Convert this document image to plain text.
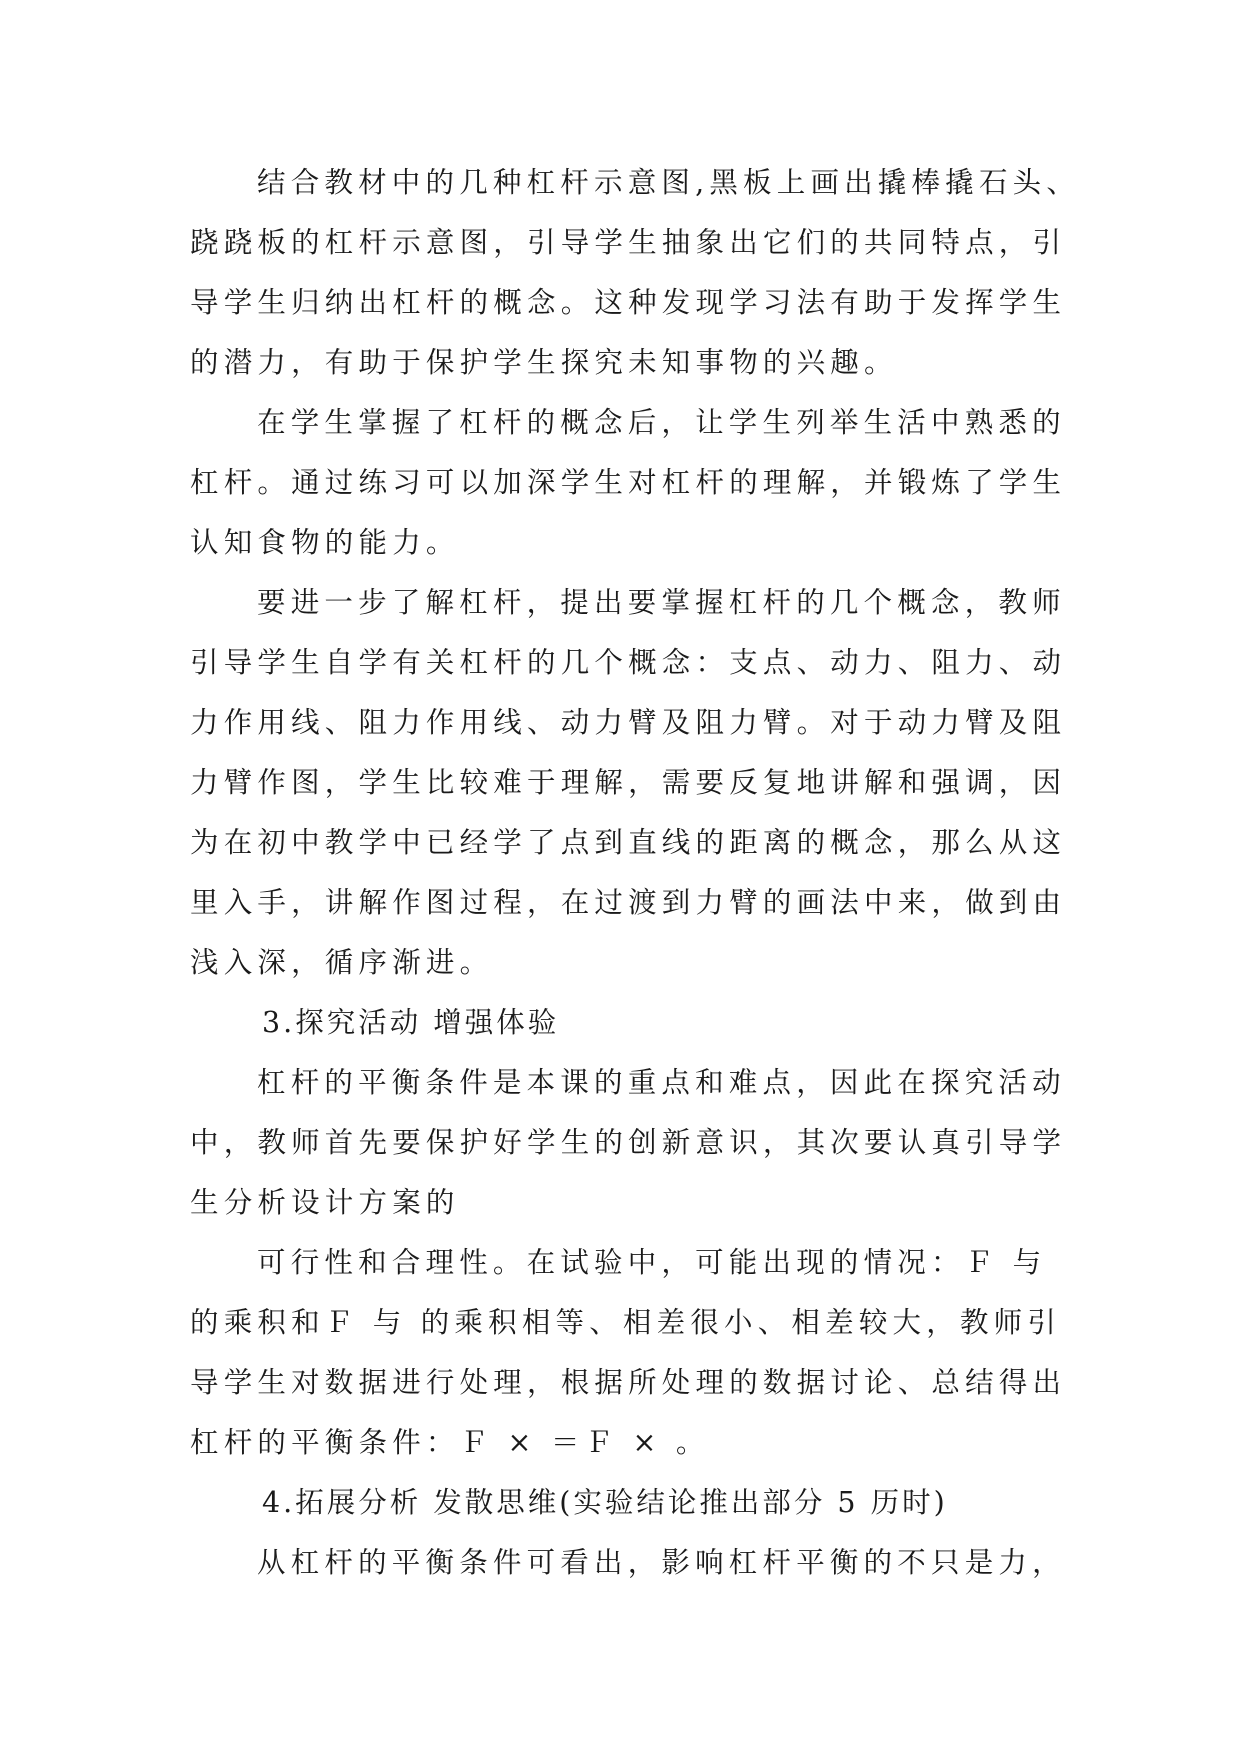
结合教材中的几种杠杆示意图,黑板上画出撬棒撬石头、

跷跷板的杠杆示意图，引导学生抽象出它们的共同特点，引

导学生归纳出杠杆的概念。这种发现学习法有助于发挥学生

的潜力，有助于保护学生探究未知事物的兴趣。

在学生掌握了杠杆的概念后，让学生列举生活中熟悉的

杠杆。通过练习可以加深学生对杠杆的理解，并锻炼了学生

认知食物的能力。

要进一步了解杠杆，提出要掌握杠杆的几个概念，教师

引导学生自学有关杠杆的几个概念：支点、动力、阻力、动

力作用线、阻力作用线、动力臂及阻力臂。对于动力臂及阻

力臂作图，学生比较难于理解，需要反复地讲解和强调，因

为在初中教学中已经学了点到直线的距离的概念，那么从这

里入手，讲解作图过程，在过渡到力臂的画法中来，做到由

浅入深，循序渐进。

3.探究活动 增强体验

杠杆的平衡条件是本课的重点和难点，因此在探究活动

中，教师首先要保护好学生的创新意识，其次要认真引导学

生分析设计方案的

可行性和合理性。在试验中，可能出现的情况：Ｆ 与

的乘积和Ｆ 与 的乘积相等、相差很小、相差较大，教师引

导学生对数据进行处理，根据所处理的数据讨论、总结得出

杠杆的平衡条件：Ｆ × ＝Ｆ × 。

4.拓展分析 发散思维(实验结论推出部分 5 历时)

从杠杆的平衡条件可看出，影响杠杆平衡的不只是力，
